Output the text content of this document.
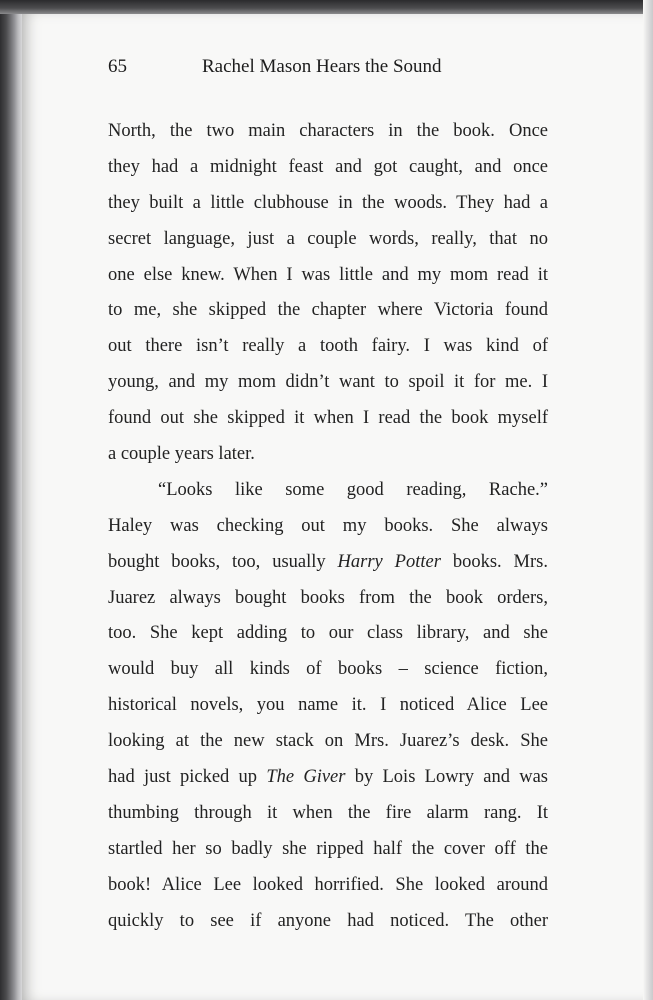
65	Rachel Mason Hears the Sound
North, the two main characters in the book. Once
they had a midnight feast and got caught, and once
they built a little clubhouse in the woods. They had a
secret language, just a couple words, really, that no
one else knew. When I was little and my mom read it
to me, she skipped the chapter where Victoria found
out there isn’t really a tooth fairy. I was kind of
young, and my mom didn’t want to spoil it for me. I
found out she skipped it when I read the book myself
a couple years later.
“Looks like some good reading, Rache.”
Haley was checking out my books. She always
bought books, too, usually Harry Potter books. Mrs.
Juarez always bought books from the book orders,
too. She kept adding to our class library, and she
would buy all kinds of books – science fiction,
historical novels, you name it. I noticed Alice Lee
looking at the new stack on Mrs. Juarez’s desk. She
had just picked up The Giver by Lois Lowry and was
thumbing through it when the fire alarm rang. It
startled her so badly she ripped half the cover off the
book! Alice Lee looked horrified. She looked around
quickly to see if anyone had noticed. The other
